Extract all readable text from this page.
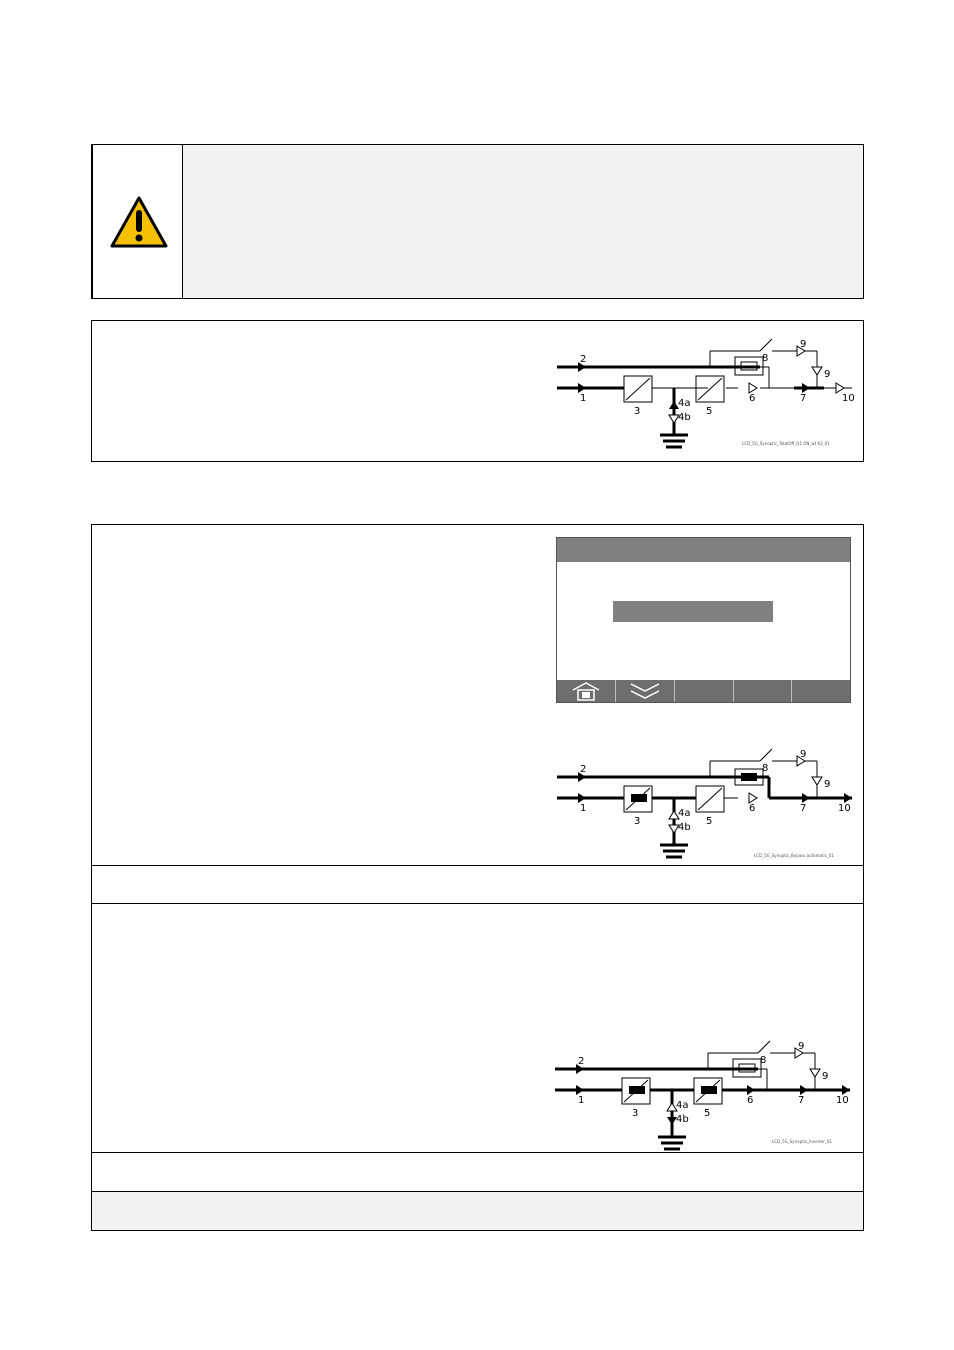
2
1
3
4a
4b
5
6	7
8
9
9
10
LCD_5G_Synoptic_TotalOff_Q1 ON_wt K3_01
2
1
3
4a
4b
5
6	7
8
9
9
10
LCD_5G_Synoptic_Bypass automatic_01
2
1
3
4a
4b
5
6	7
8
9
9
10
LCD_5G_Synoptic_Inverter_01
